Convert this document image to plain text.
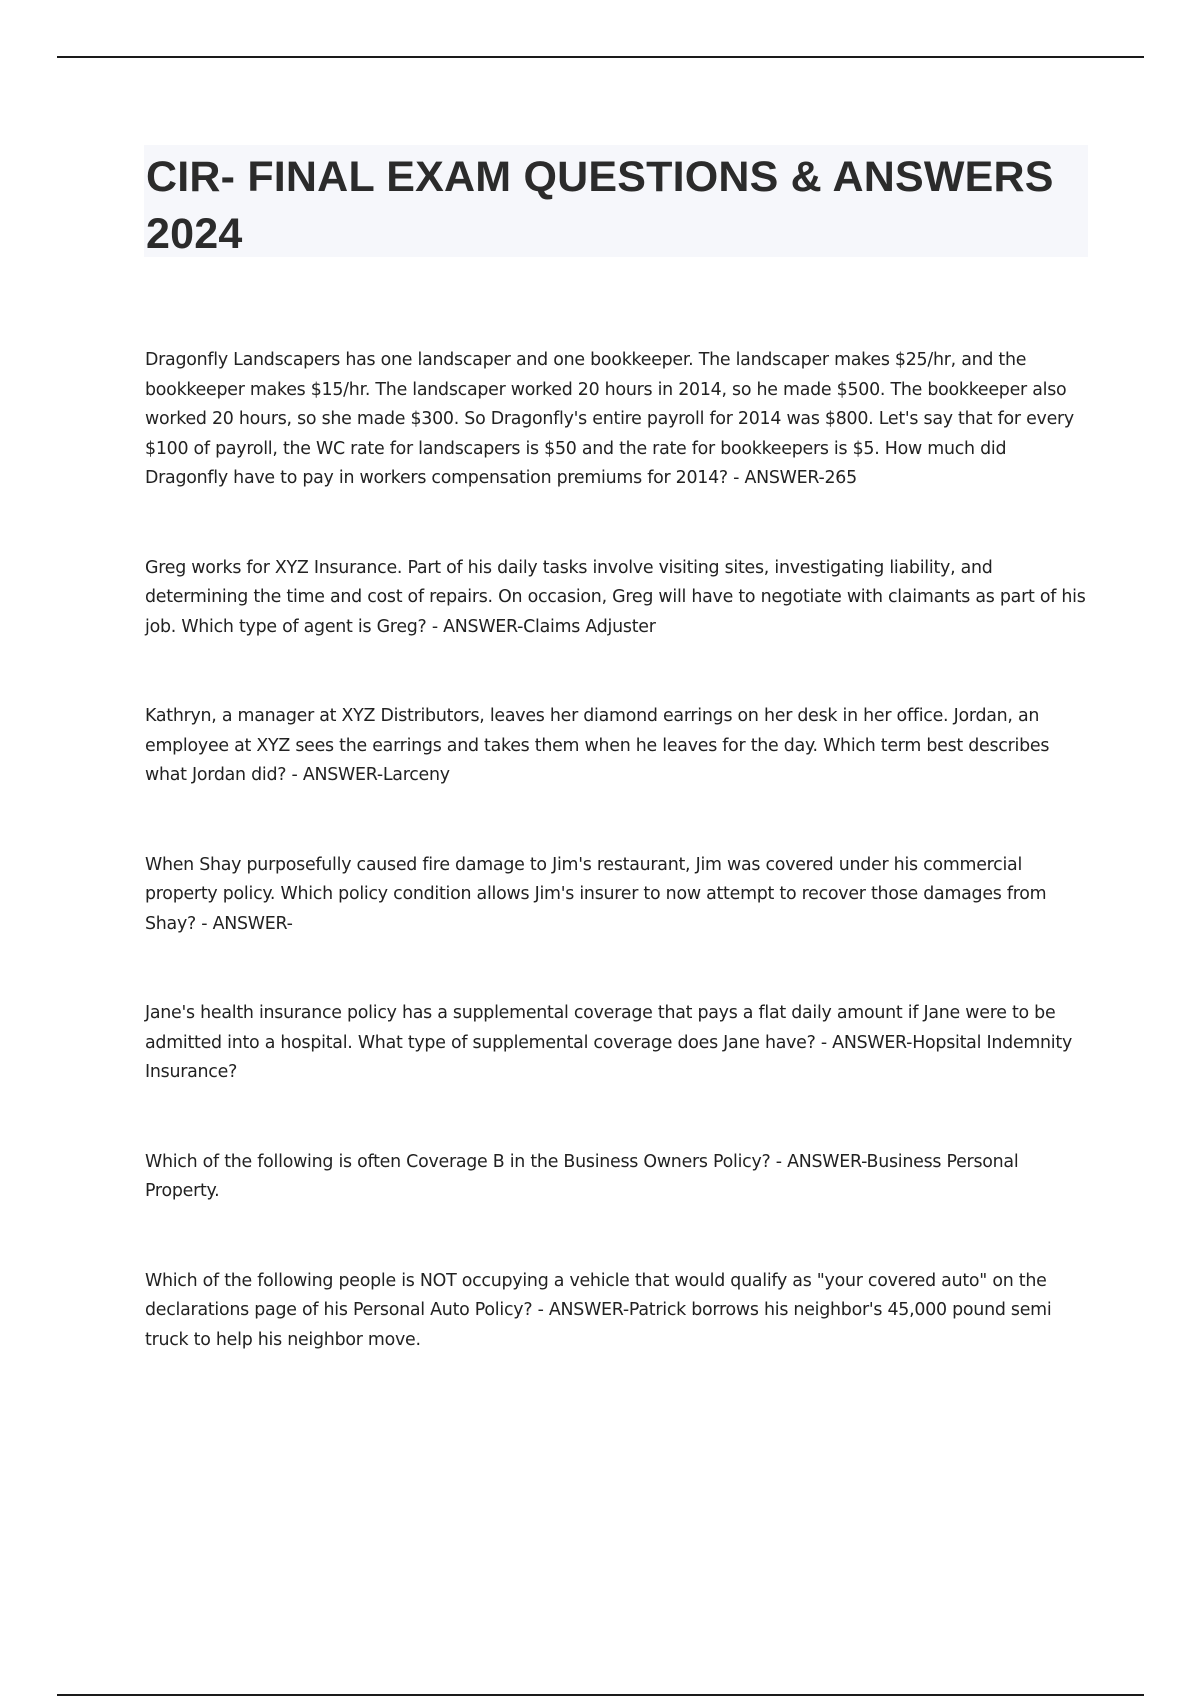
CIR- FINAL EXAM QUESTIONS & ANSWERS 2024

Dragonfly Landscapers has one landscaper and one bookkeeper. The landscaper makes $25/hr, and the bookkeeper makes $15/hr. The landscaper worked 20 hours in 2014, so he made $500. The bookkeeper also worked 20 hours, so she made $300. So Dragonfly's entire payroll for 2014 was $800. Let's say that for every $100 of payroll, the WC rate for landscapers is $50 and the rate for bookkeepers is $5. How much did Dragonfly have to pay in workers compensation premiums for 2014? - ANSWER-265

Greg works for XYZ Insurance. Part of his daily tasks involve visiting sites, investigating liability, and determining the time and cost of repairs. On occasion, Greg will have to negotiate with claimants as part of his job. Which type of agent is Greg? - ANSWER-Claims Adjuster

Kathryn, a manager at XYZ Distributors, leaves her diamond earrings on her desk in her office. Jordan, an employee at XYZ sees the earrings and takes them when he leaves for the day. Which term best describes what Jordan did? - ANSWER-Larceny

When Shay purposefully caused fire damage to Jim's restaurant, Jim was covered under his commercial property policy. Which policy condition allows Jim's insurer to now attempt to recover those damages from Shay? - ANSWER-

Jane's health insurance policy has a supplemental coverage that pays a flat daily amount if Jane were to be admitted into a hospital. What type of supplemental coverage does Jane have? - ANSWER-Hopsital Indemnity Insurance?

Which of the following is often Coverage B in the Business Owners Policy? - ANSWER-Business Personal Property.

Which of the following people is NOT occupying a vehicle that would qualify as "your covered auto" on the declarations page of his Personal Auto Policy? - ANSWER-Patrick borrows his neighbor's 45,000 pound semi truck to help his neighbor move.
